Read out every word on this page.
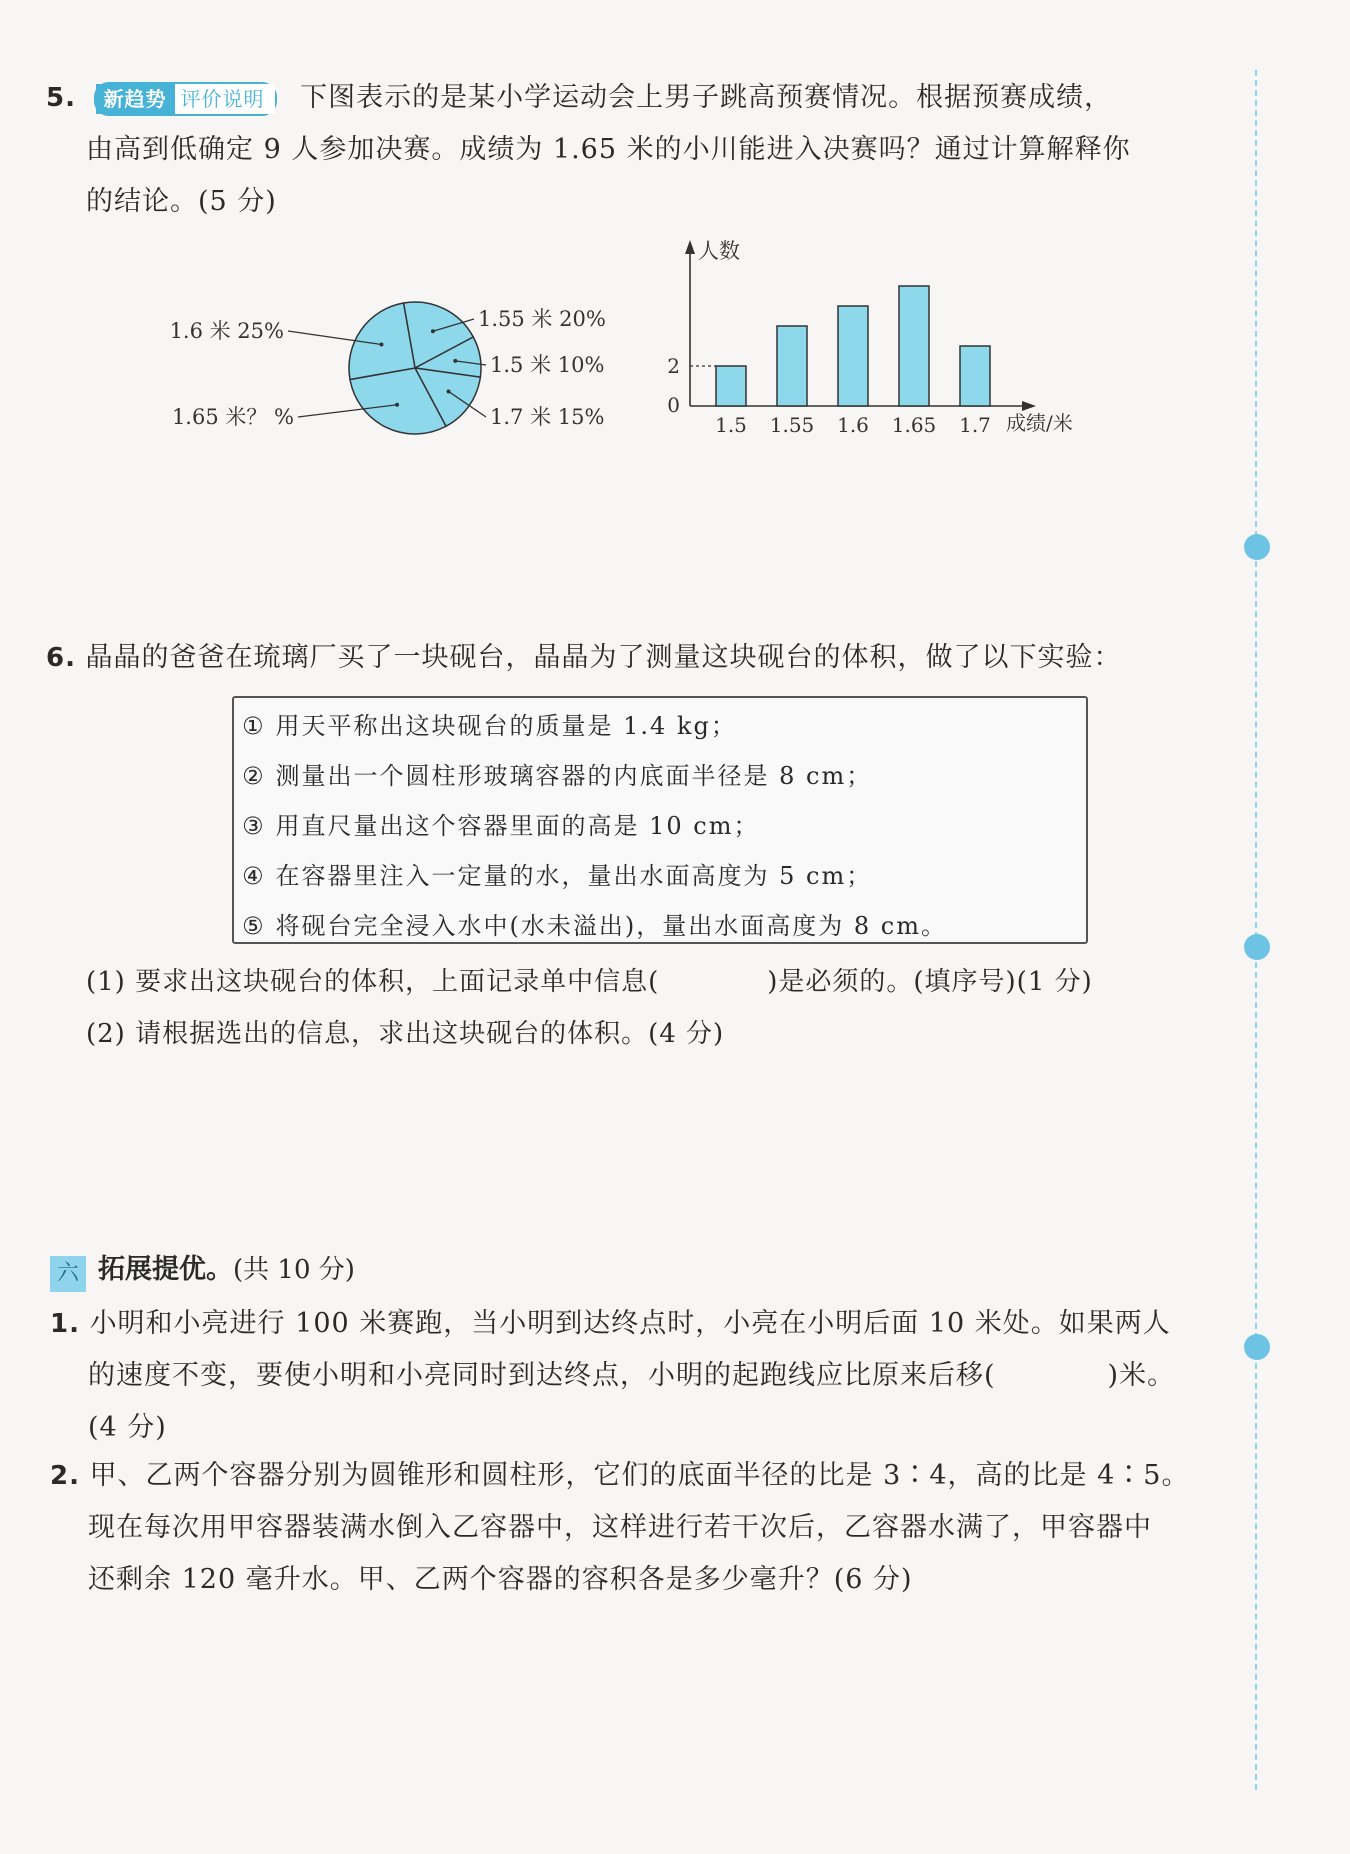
5. 新趋势 评价说明 下图表示的是某小学运动会上男子跳高预赛情况。根据预赛成绩，
由高到低确定 9 人参加决赛。成绩为 1.65 米的小川能进入决赛吗？通过计算解释你
的结论。(5 分)
1.55 米 20%
1.5 米 10%
1.7 米 15%
1.65 米？ %
1.6 米 25%
人数
成绩/米
0
2
1.5 1.55 1.6 1.65 1.7
6. 晶晶的爸爸在琉璃厂买了一块砚台，晶晶为了测量这块砚台的体积，做了以下实验：
① 用天平称出这块砚台的质量是 1.4 kg；
② 测量出一个圆柱形玻璃容器的内底面半径是 8 cm；
③ 用直尺量出这个容器里面的高是 10 cm；
④ 在容器里注入一定量的水，量出水面高度为 5 cm；
⑤ 将砚台完全浸入水中(水未溢出)，量出水面高度为 8 cm。
(1) 要求出这块砚台的体积，上面记录单中信息(　　　　)是必须的。(填序号)(1 分)
(2) 请根据选出的信息，求出这块砚台的体积。(4 分)
六 拓展提优。(共 10 分)
1. 小明和小亮进行 100 米赛跑，当小明到达终点时，小亮在小明后面 10 米处。如果两人
的速度不变，要使小明和小亮同时到达终点，小明的起跑线应比原来后移(　　　　)米。
(4 分)
2. 甲、乙两个容器分别为圆锥形和圆柱形，它们的底面半径的比是 3∶4，高的比是 4∶5。
现在每次用甲容器装满水倒入乙容器中，这样进行若干次后，乙容器水满了，甲容器中
还剩余 120 毫升水。甲、乙两个容器的容积各是多少毫升？(6 分)
